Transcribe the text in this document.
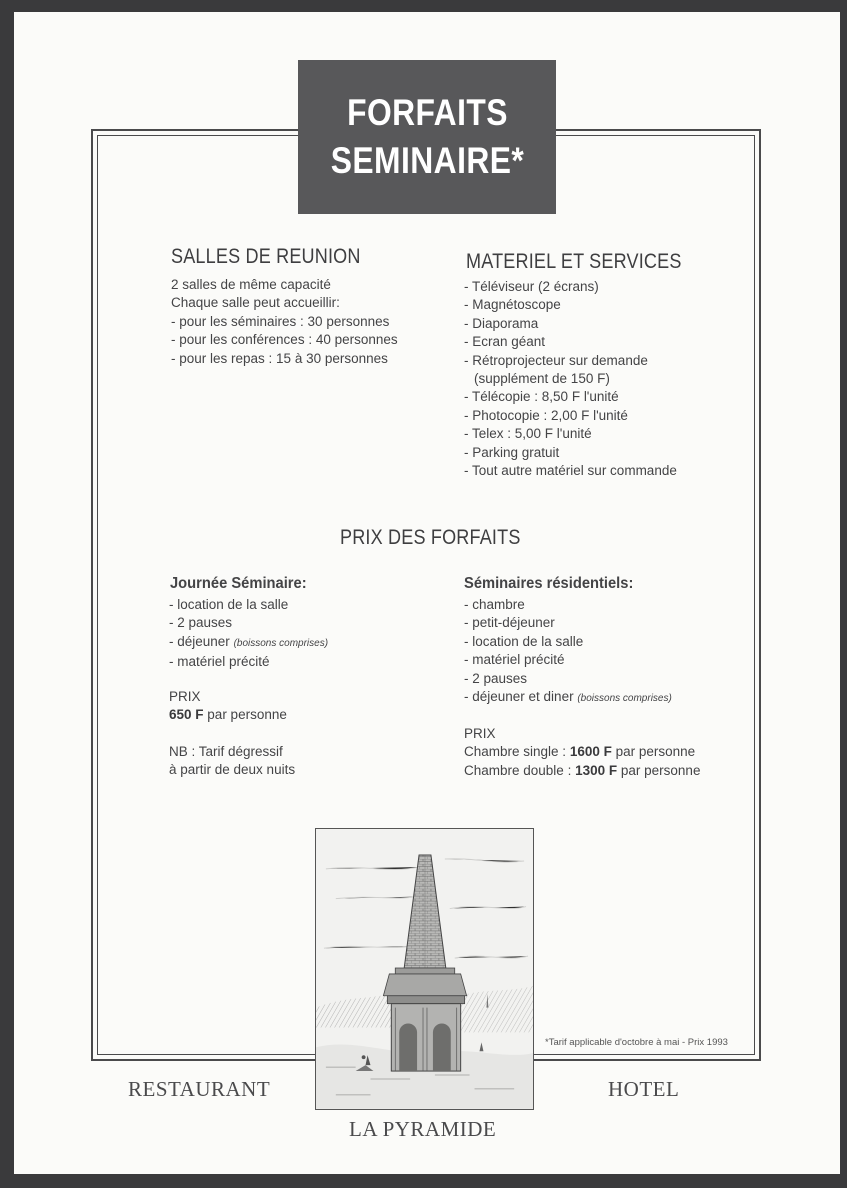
FORFAITS
SEMINAIRE*
SALLES DE REUNION
2 salles de même capacité
Chaque salle peut accueillir:
- pour les séminaires : 30 personnes
- pour les conférences : 40 personnes
- pour les repas : 15 à 30 personnes
MATERIEL ET SERVICES
- Téléviseur (2 écrans)
- Magnétoscope
- Diaporama
- Ecran géant
- Rétroprojecteur sur demande
(supplément de 150 F)
- Télécopie : 8,50 F l'unité
- Photocopie : 2,00 F l'unité
- Telex : 5,00 F l'unité
- Parking gratuit
- Tout autre matériel sur commande
PRIX DES FORFAITS
Journée Séminaire:
- location de la salle
- 2 pauses
- déjeuner (boissons comprises)
- matériel précité
PRIX
650 F par personne
NB : Tarif dégressif
à partir de deux nuits
Séminaires résidentiels:
- chambre
- petit-déjeuner
- location de la salle
- matériel précité
- 2 pauses
- déjeuner et diner (boissons comprises)
PRIX
Chambre single : 1600 F par personne
Chambre double : 1300 F par personne
*Tarif applicable d'octobre à mai - Prix 1993
RESTAURANT	HOTEL
LA PYRAMIDE
